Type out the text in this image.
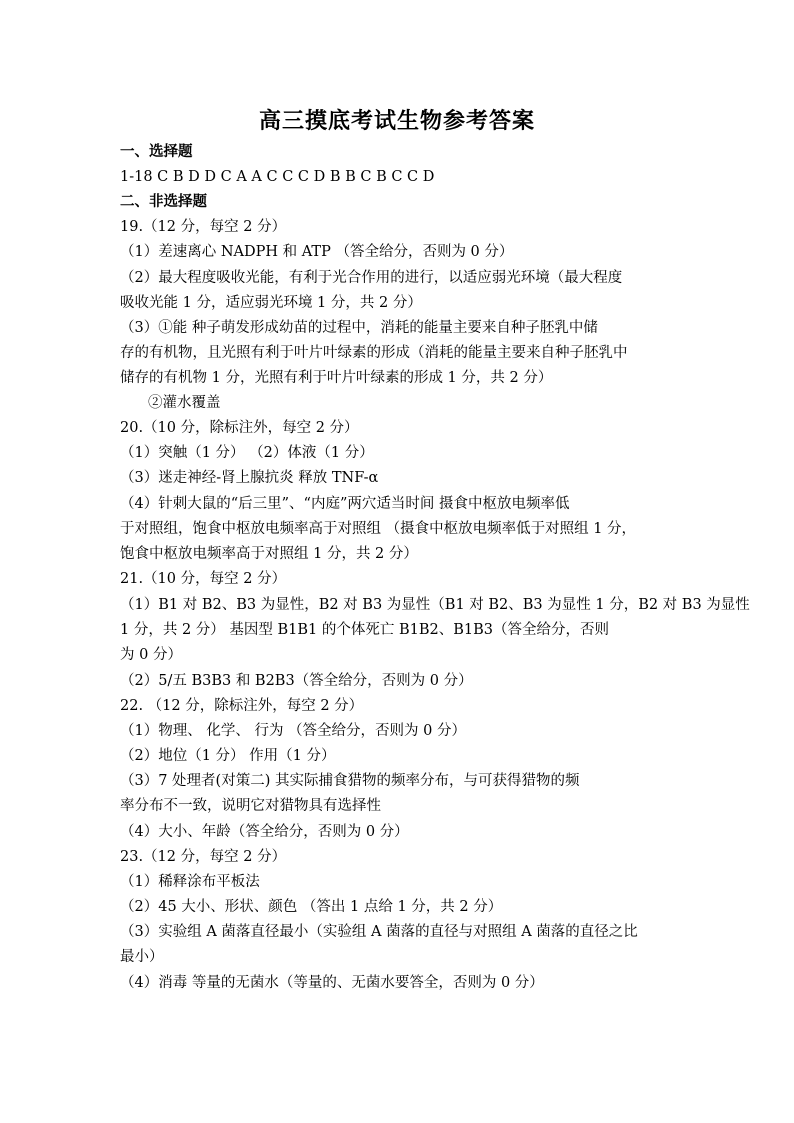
高三摸底考试生物参考答案
一、选择题
1-18 C B D D C A A C C C D B B C B C C D
二、非选择题
19.（12 分，每空 2 分）
（1）差速离心 NADPH 和 ATP （答全给分，否则为 0 分）
（2）最大程度吸收光能，有利于光合作用的进行，以适应弱光环境（最大程度
吸收光能 1 分，适应弱光环境 1 分，共 2 分）
（3）①能 种子萌发形成幼苗的过程中，消耗的能量主要来自种子胚乳中储
存的有机物，且光照有利于叶片叶绿素的形成（消耗的能量主要来自种子胚乳中
储存的有机物 1 分，光照有利于叶片叶绿素的形成 1 分，共 2 分）
②灌水覆盖
20.（10 分，除标注外，每空 2 分）
（1）突触（1 分） （2）体液（1 分）
（3）迷走神经-肾上腺抗炎 释放 TNF-α
（4）针刺大鼠的“后三里”、“内庭”两穴适当时间 摄食中枢放电频率低
于对照组，饱食中枢放电频率高于对照组 （摄食中枢放电频率低于对照组 1 分，
饱食中枢放电频率高于对照组 1 分，共 2 分）
21.（10 分，每空 2 分）
（1）B1 对 B2、B3 为显性，B2 对 B3 为显性（B1 对 B2、B3 为显性 1 分，B2 对 B3 为显性
1 分，共 2 分） 基因型 B1B1 的个体死亡 B1B2、B1B3（答全给分，否则
为 0 分）
（2）5/五 B3B3 和 B2B3（答全给分，否则为 0 分）
22. （12 分，除标注外，每空 2 分）
（1）物理、 化学、 行为 （答全给分，否则为 0 分）
（2）地位（1 分） 作用（1 分）
（3）7 处理者(对策二) 其实际捕食猎物的频率分布，与可获得猎物的频
率分布不一致，说明它对猎物具有选择性
（4）大小、年龄（答全给分，否则为 0 分）
23.（12 分，每空 2 分）
（1）稀释涂布平板法
（2）45 大小、形状、颜色 （答出 1 点给 1 分，共 2 分）
（3）实验组 A 菌落直径最小（实验组 A 菌落的直径与对照组 A 菌落的直径之比
最小）
（4）消毒 等量的无菌水（等量的、无菌水要答全，否则为 0 分）
